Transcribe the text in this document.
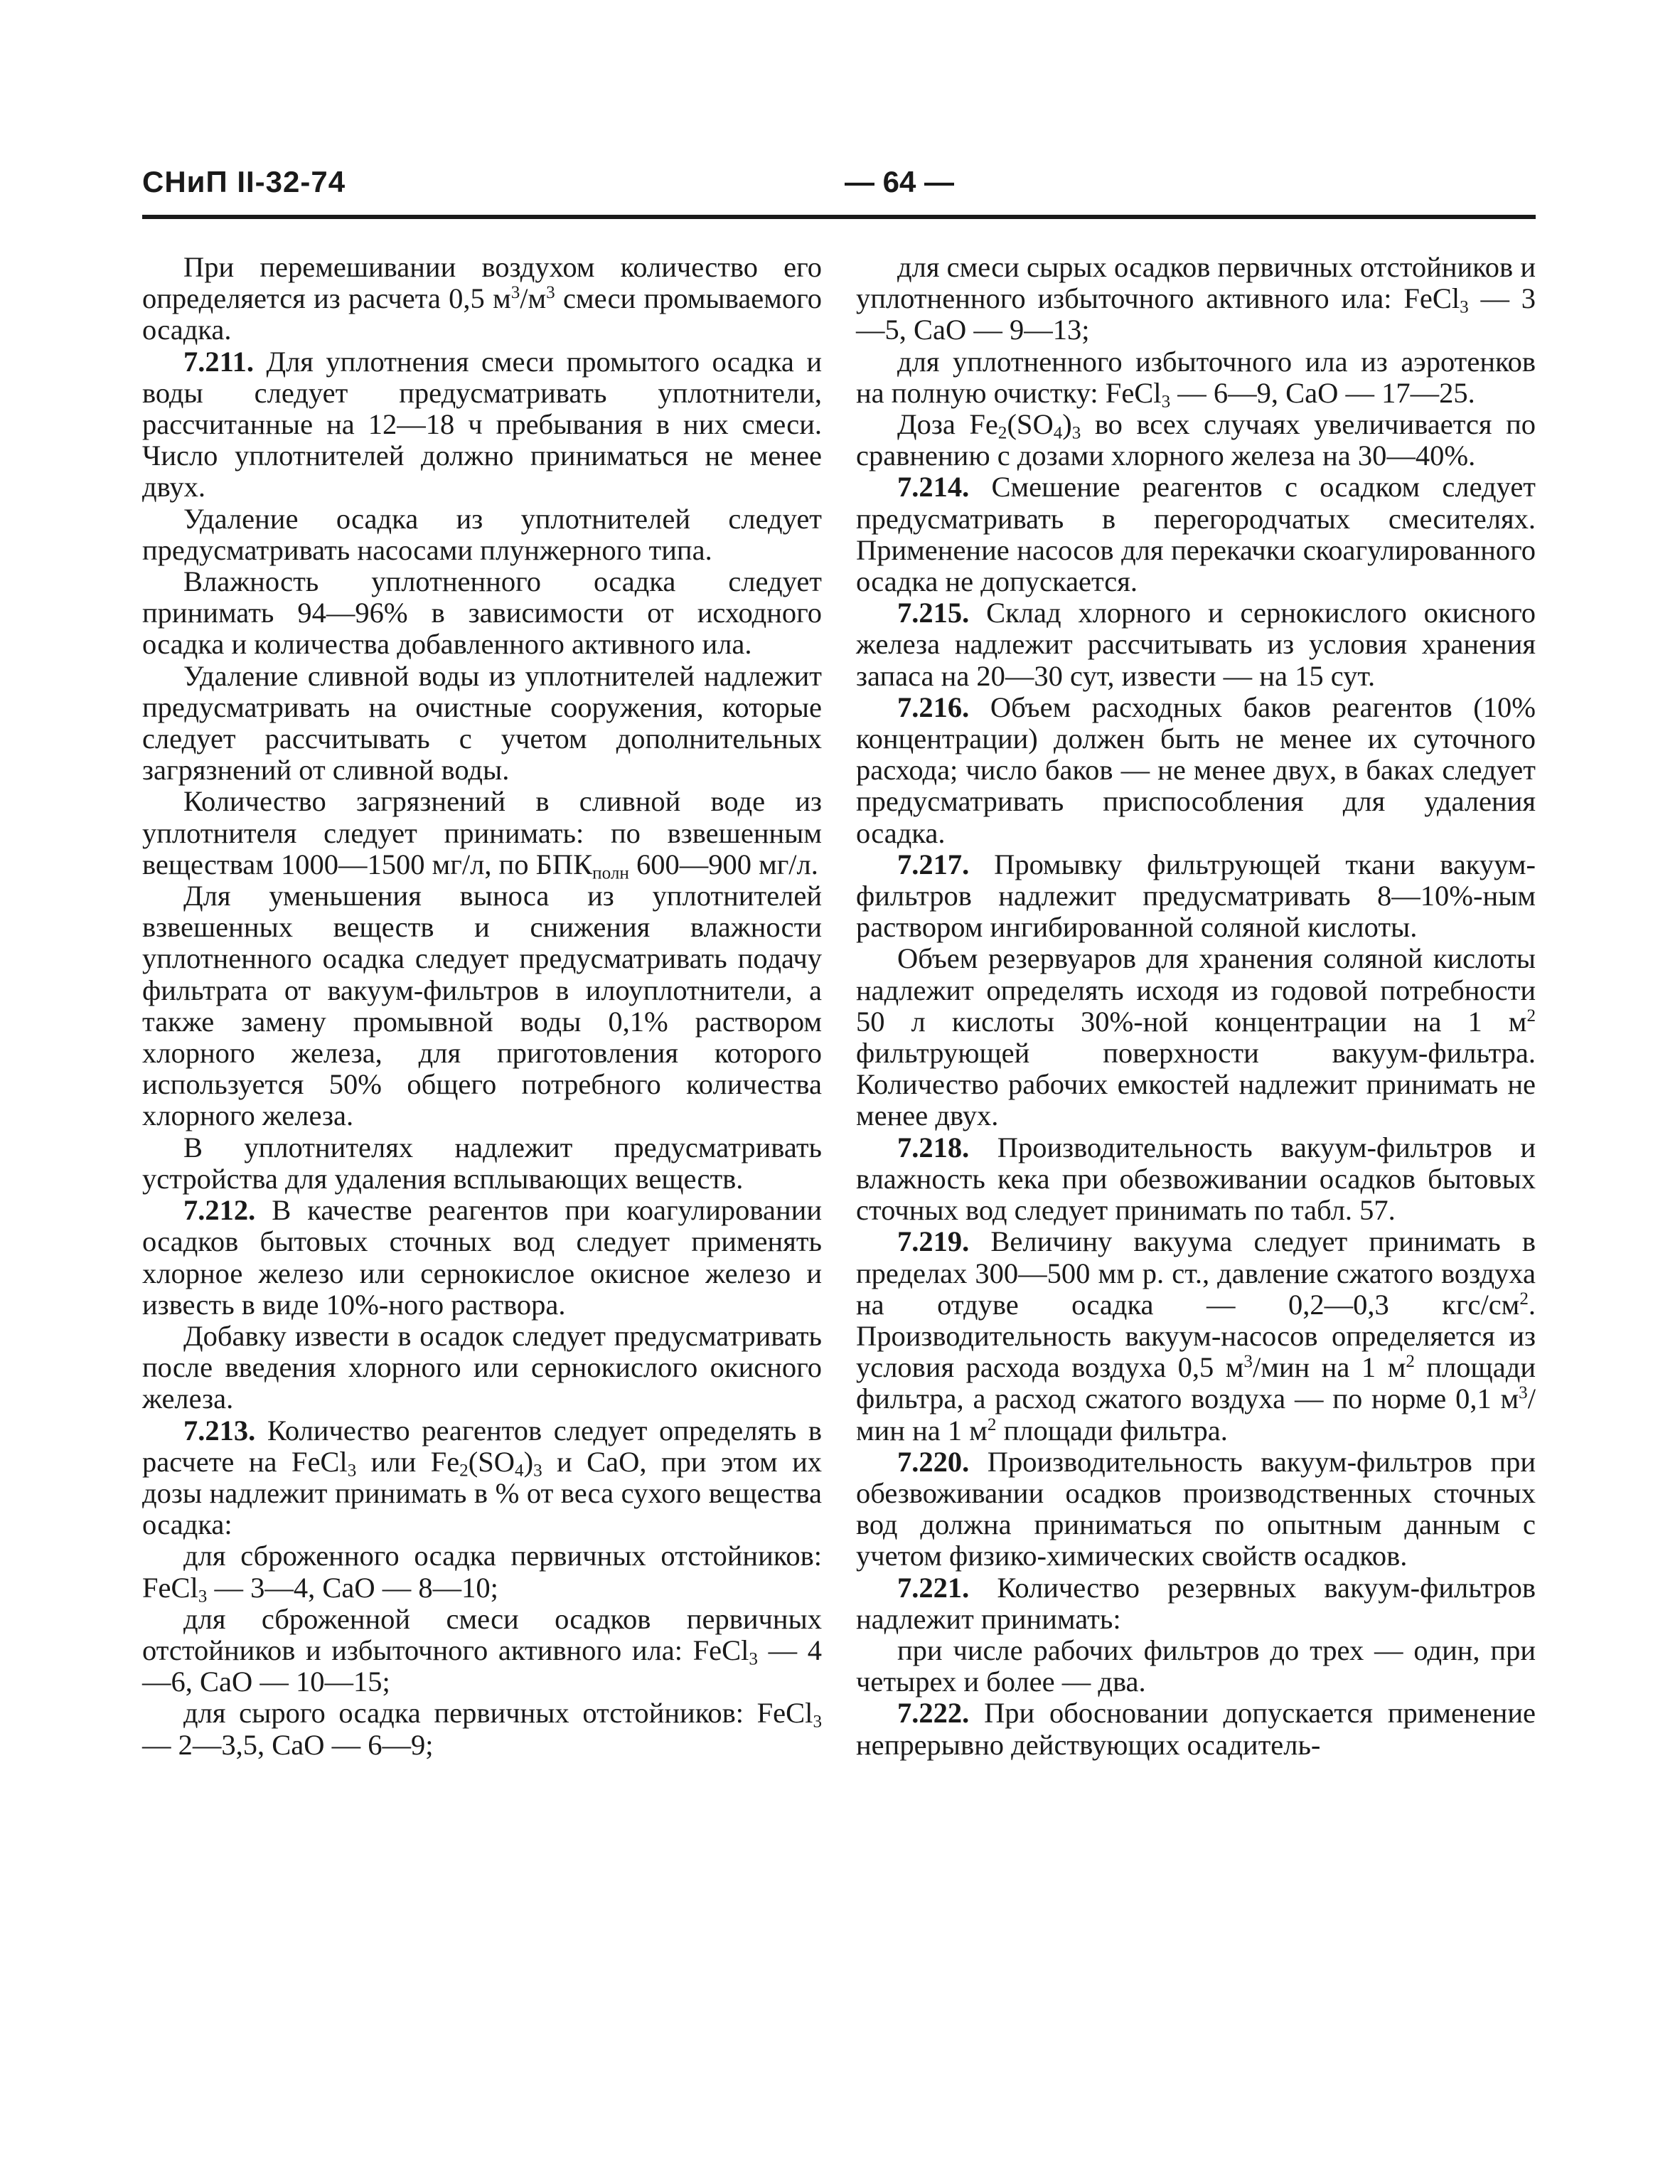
СНиП II-32-74	— 64 —

При перемешивании воздухом количество его определяется из расчета 0,5 $м^3/м^3$ смеси промываемого осадка.

7.211. Для уплотнения смеси промытого осадка и воды следует предусматривать уплотнители, рассчитанные на 12—18 ч пребывания в них смеси. Число уплотнителей должно приниматься не менее двух.

Удаление осадка из уплотнителей следует предусматривать насосами плунжерного типа.

Влажность уплотненного осадка следует принимать 94—96% в зависимости от исходного осадка и количества добавленного активного ила.

Удаление сливной воды из уплотнителей надлежит предусматривать на очистные сооружения, которые следует рассчитывать с учетом дополнительных загрязнений от сливной воды.

Количество загрязнений в сливной воде из уплотнителя следует принимать: по взвешенным веществам 1000—1500 мг/л, по $БПК_{полн}$ 600—900 мг/л.

Для уменьшения выноса из уплотнителей взвешенных веществ и снижения влажности уплотненного осадка следует предусматривать подачу фильтрата от вакуум-фильтров в илоуплотнители, а также замену промывной воды 0,1% раствором хлорного железа, для приготовления которого используется 50% общего потребного количества хлорного железа.

В уплотнителях надлежит предусматривать устройства для удаления всплывающих веществ.

7.212. В качестве реагентов при коагулировании осадков бытовых сточных вод следует применять хлорное железо или сернокислое окисное железо и известь в виде 10%-ного раствора.

Добавку извести в осадок следует предусматривать после введения хлорного или сернокислого окисного железа.

7.213. Количество реагентов следует определять в расчете на FeCl$_3$ или $Fe_2(SO_4)_3$ и CaO, при этом их дозы надлежит принимать в % от веса сухого вещества осадка:

для сброженного осадка первичных отстойников: FeCl$_3$ — 3—4, CaO — 8—10;

для сброженной смеси осадков первичных отстойников и избыточного активного ила: FeCl$_3$ — 4—6, CaO — 10—15;

для сырого осадка первичных отстойников: FeCl$_3$ — 2—3,5, CaO — 6—9;

для смеси сырых осадков первичных отстойников и уплотненного избыточного активного ила: FeCl$_3$ — 3—5, CaO — 9—13;

для уплотненного избыточного ила из аэротенков на полную очистку: FeCl$_3$ — 6—9, CaO — 17—25.

Доза $Fe_2(SO_4)_3$ во всех случаях увеличивается по сравнению с дозами хлорного железа на 30—40%.

7.214. Смешение реагентов с осадком следует предусматривать в перегородчатых смесителях. Применение насосов для перекачки скоагулированного осадка не допускается.

7.215. Склад хлорного и сернокислого окисного железа надлежит рассчитывать из условия хранения запаса на 20—30 сут, извести — на 15 сут.

7.216. Объем расходных баков реагентов (10% концентрации) должен быть не менее их суточного расхода; число баков — не менее двух, в баках следует предусматривать приспособления для удаления осадка.

7.217. Промывку фильтрующей ткани вакуум-фильтров надлежит предусматривать 8—10%-ным раствором ингибированной соляной кислоты.

Объем резервуаров для хранения соляной кислоты надлежит определять исходя из годовой потребности 50 л кислоты 30%-ной концентрации на 1 $м^2$ фильтрующей поверхности вакуум-фильтра. Количество рабочих емкостей надлежит принимать не менее двух.

7.218. Производительность вакуум-фильтров и влажность кека при обезвоживании осадков бытовых сточных вод следует принимать по табл. 57.

7.219. Величину вакуума следует принимать в пределах 300—500 мм р. ст., давление сжатого воздуха на отдуве осадка — 0,2—0,3 кгс/$см^2$. Производительность вакуум-насосов определяется из условия расхода воздуха 0,5 $м^3$/мин на 1 $м^2$ площади фильтра, а расход сжатого воздуха — по норме 0,1 $м^3$/мин на 1 $м^2$ площади фильтра.

7.220. Производительность вакуум-фильтров при обезвоживании осадков производственных сточных вод должна приниматься по опытным данным с учетом физико-химических свойств осадков.

7.221. Количество резервных вакуум-фильтров надлежит принимать:

при числе рабочих фильтров до трех — один, при четырех и более — два.

7.222. При обосновании допускается применение непрерывно действующих осадитель-
